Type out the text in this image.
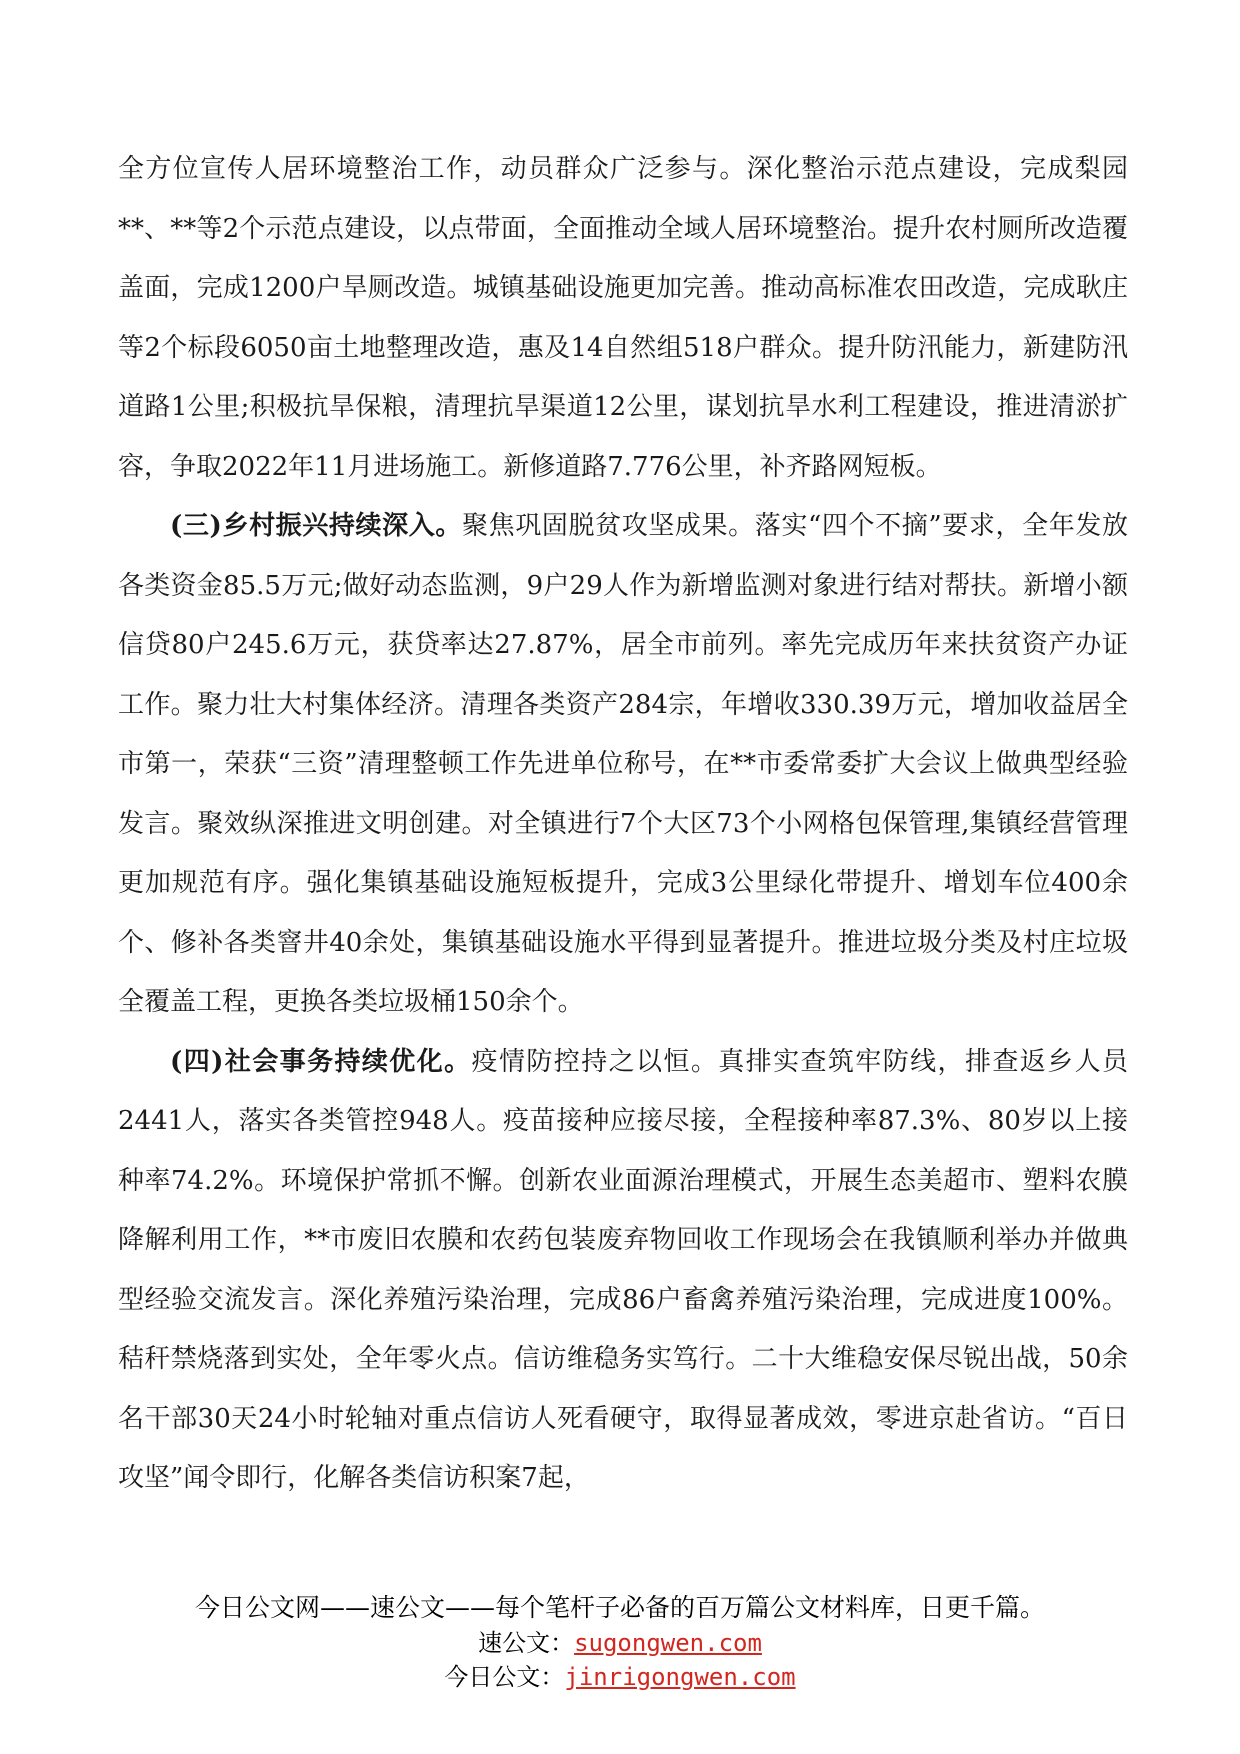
全方位宣传人居环境整治工作，动员群众广泛参与。深化整治示范点建设，完成梨园**、**等2个示范点建设，以点带面，全面推动全域人居环境整治。提升农村厕所改造覆盖面，完成1200户旱厕改造。城镇基础设施更加完善。推动高标准农田改造，完成耿庄等2个标段6050亩土地整理改造，惠及14自然组518户群众。提升防汛能力，新建防汛道路1公里;积极抗旱保粮，清理抗旱渠道12公里，谋划抗旱水利工程建设，推进清淤扩容，争取2022年11月进场施工。新修道路7.776公里，补齐路网短板。

(三)乡村振兴持续深入。聚焦巩固脱贫攻坚成果。落实“四个不摘”要求，全年发放各类资金85.5万元;做好动态监测，9户29人作为新增监测对象进行结对帮扶。新增小额信贷80户245.6万元，获贷率达27.87%，居全市前列。率先完成历年来扶贫资产办证工作。聚力壮大村集体经济。清理各类资产284宗，年增收330.39万元，增加收益居全市第一，荣获“三资”清理整顿工作先进单位称号，在**市委常委扩大会议上做典型经验发言。聚效纵深推进文明创建。对全镇进行7个大区73个小网格包保管理,集镇经营管理更加规范有序。强化集镇基础设施短板提升，完成3公里绿化带提升、增划车位400余个、修补各类窨井40余处，集镇基础设施水平得到显著提升。推进垃圾分类及村庄垃圾全覆盖工程，更换各类垃圾桶150余个。

(四)社会事务持续优化。疫情防控持之以恒。真排实查筑牢防线，排查返乡人员2441人，落实各类管控948人。疫苗接种应接尽接，全程接种率87.3%、80岁以上接种率74.2%。环境保护常抓不懈。创新农业面源治理模式，开展生态美超市、塑料农膜降解利用工作，**市废旧农膜和农药包装废弃物回收工作现场会在我镇顺利举办并做典型经验交流发言。深化养殖污染治理，完成86户畜禽养殖污染治理，完成进度100%。秸秆禁烧落到实处，全年零火点。信访维稳务实笃行。二十大维稳安保尽锐出战，50余名干部30天24小时轮轴对重点信访人死看硬守，取得显著成效，零进京赴省访。“百日攻坚”闻令即行，化解各类信访积案7起，

今日公文网——速公文——每个笔杆子必备的百万篇公文材料库，日更千篇。
速公文：sugongwen.com
今日公文：jinrigongwen.com
